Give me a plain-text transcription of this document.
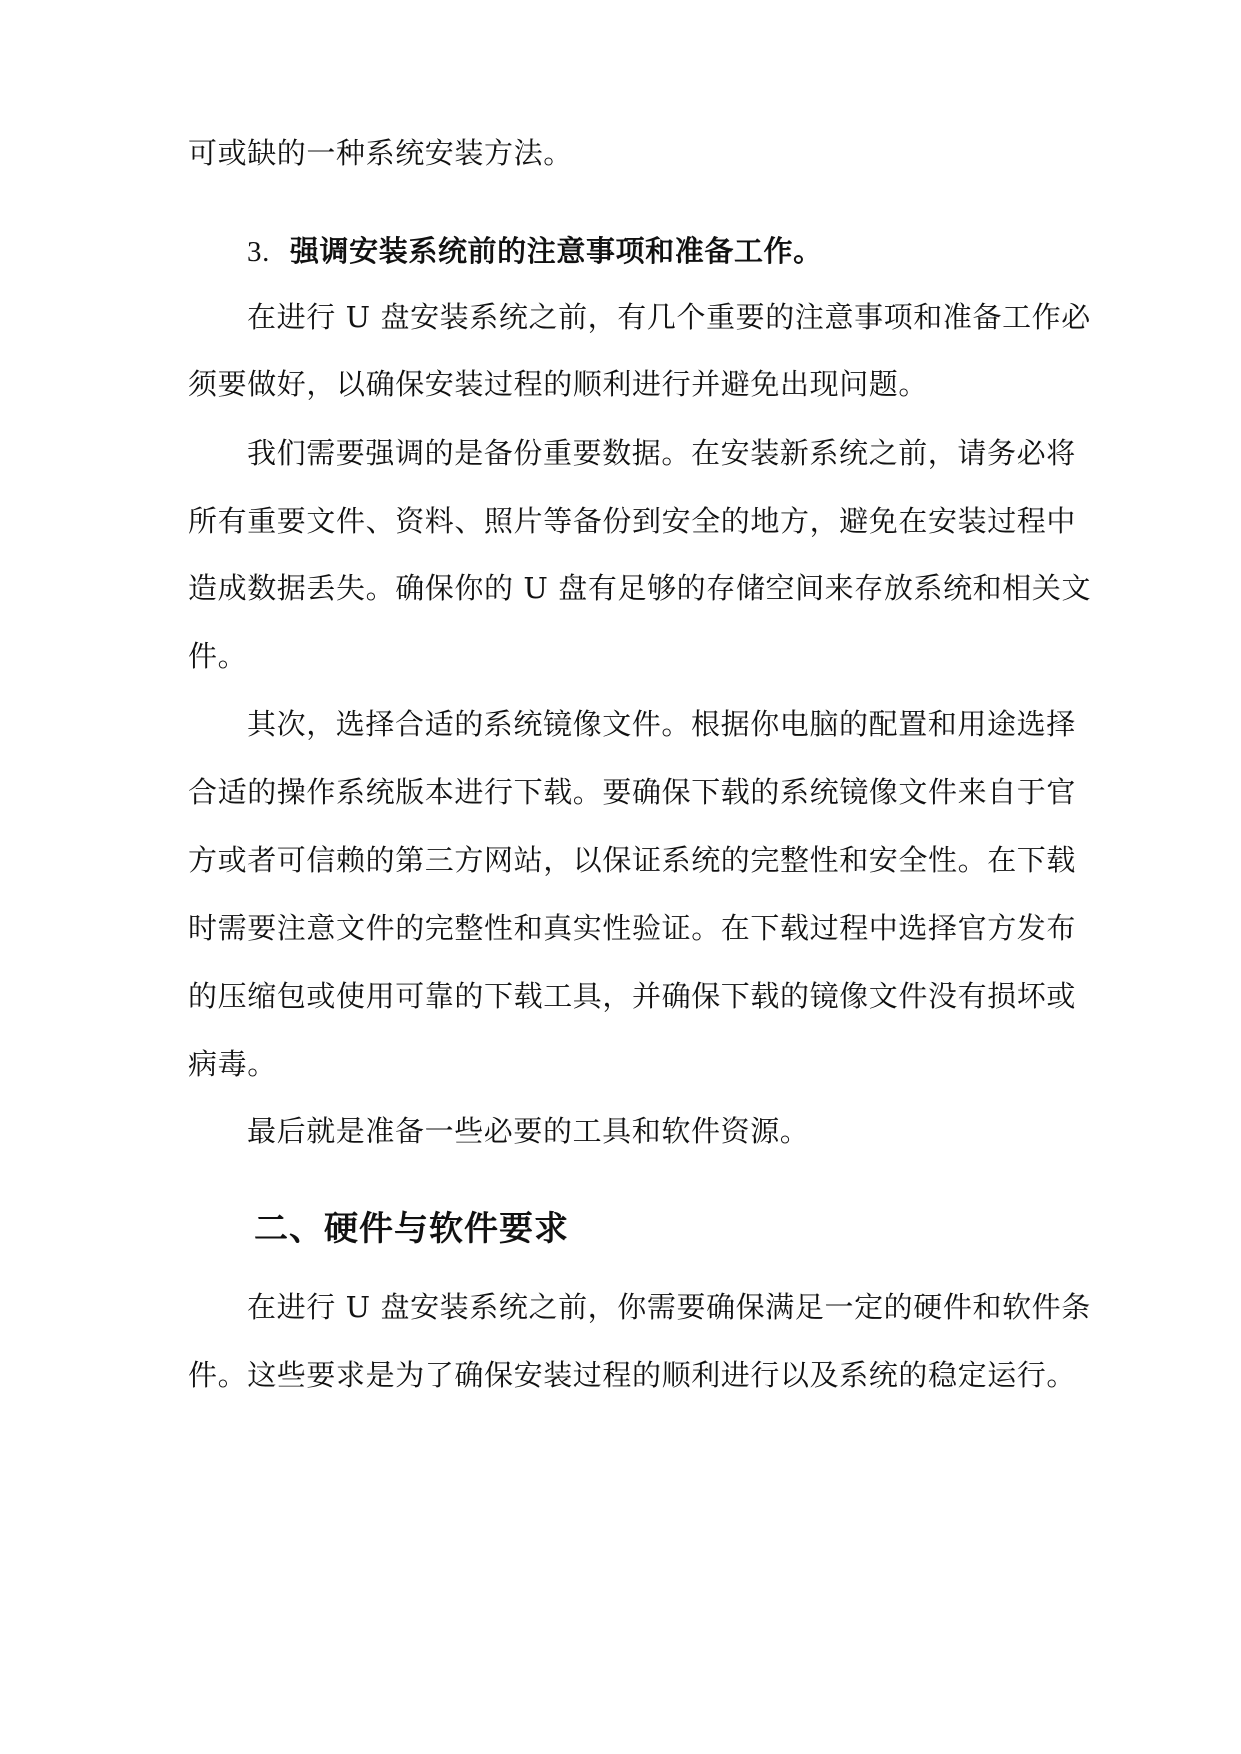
可或缺的一种系统安装方法。
3. 强调安装系统前的注意事项和准备工作。
在进行 U 盘安装系统之前，有几个重要的注意事项和准备工作必
须要做好，以确保安装过程的顺利进行并避免出现问题。
我们需要强调的是备份重要数据。在安装新系统之前，请务必将
所有重要文件、资料、照片等备份到安全的地方，避免在安装过程中
造成数据丢失。确保你的 U 盘有足够的存储空间来存放系统和相关文
件。
其次，选择合适的系统镜像文件。根据你电脑的配置和用途选择
合适的操作系统版本进行下载。要确保下载的系统镜像文件来自于官
方或者可信赖的第三方网站，以保证系统的完整性和安全性。在下载
时需要注意文件的完整性和真实性验证。在下载过程中选择官方发布
的压缩包或使用可靠的下载工具，并确保下载的镜像文件没有损坏或
病毒。
最后就是准备一些必要的工具和软件资源。
二、硬件与软件要求
在进行 U 盘安装系统之前，你需要确保满足一定的硬件和软件条
件。这些要求是为了确保安装过程的顺利进行以及系统的稳定运行。
